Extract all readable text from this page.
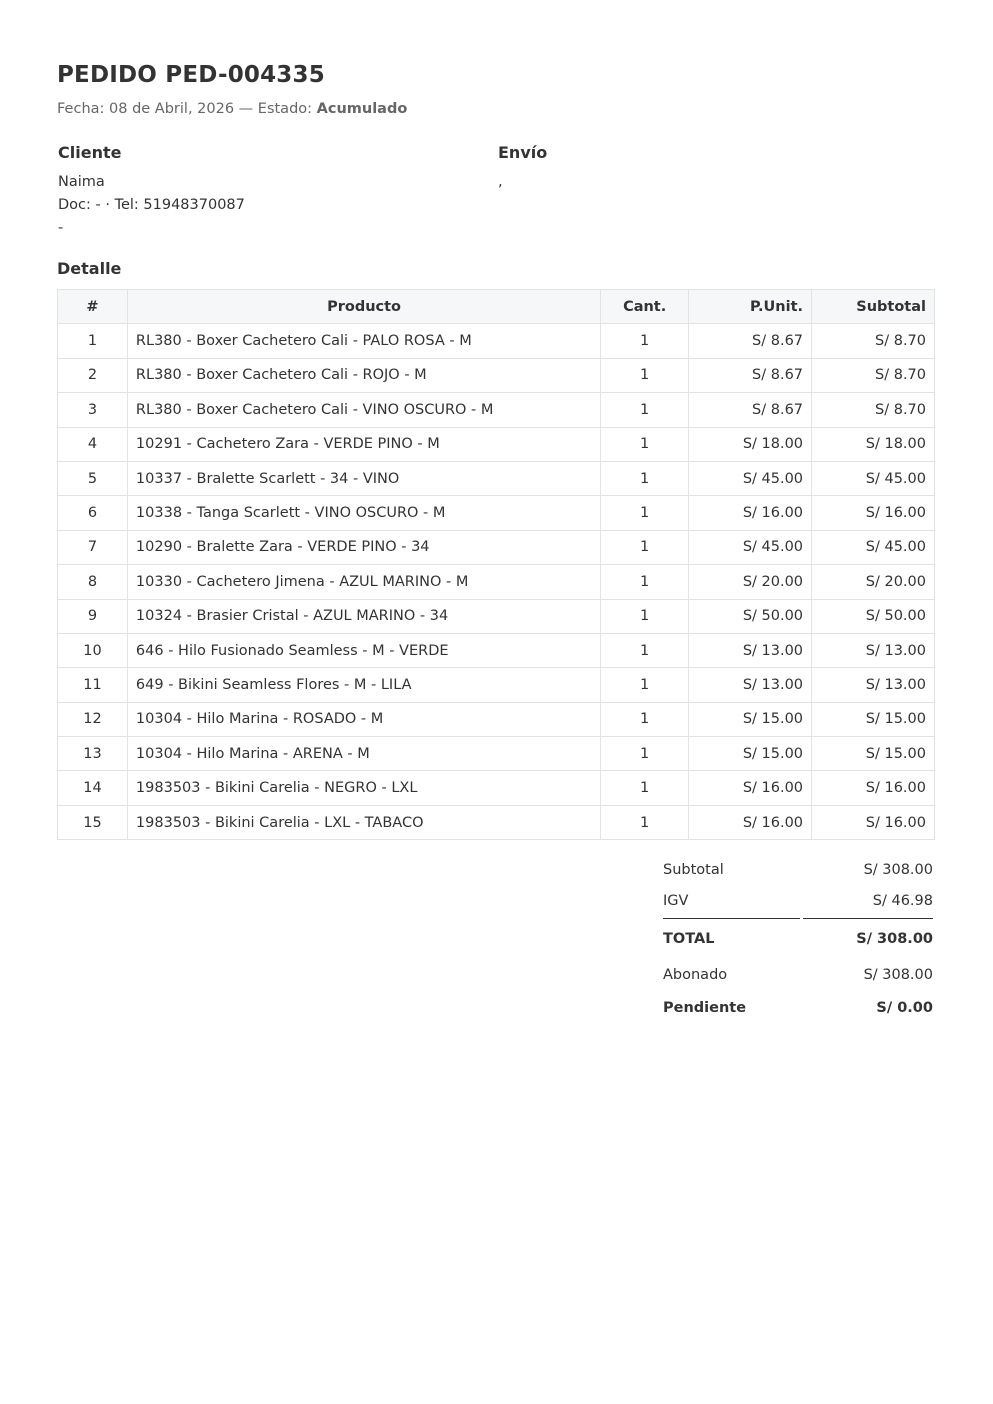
PEDIDO PED-004335
Fecha: 08 de Abril, 2026 — Estado: Acumulado
Cliente
Naima
Doc: - · Tel: 51948370087
-
Envío
,
Detalle
#	Producto	Cant.	P.Unit.	Subtotal
1	RL380 - Boxer Cachetero Cali - PALO ROSA - M	1	S/ 8.67	S/ 8.70
2	RL380 - Boxer Cachetero Cali - ROJO - M	1	S/ 8.67	S/ 8.70
3	RL380 - Boxer Cachetero Cali - VINO OSCURO - M	1	S/ 8.67	S/ 8.70
4	10291 - Cachetero Zara - VERDE PINO - M	1	S/ 18.00	S/ 18.00
5	10337 - Bralette Scarlett - 34 - VINO	1	S/ 45.00	S/ 45.00
6	10338 - Tanga Scarlett - VINO OSCURO - M	1	S/ 16.00	S/ 16.00
7	10290 - Bralette Zara - VERDE PINO - 34	1	S/ 45.00	S/ 45.00
8	10330 - Cachetero Jimena - AZUL MARINO - M	1	S/ 20.00	S/ 20.00
9	10324 - Brasier Cristal - AZUL MARINO - 34	1	S/ 50.00	S/ 50.00
10	646 - Hilo Fusionado Seamless - M - VERDE	1	S/ 13.00	S/ 13.00
11	649 - Bikini Seamless Flores - M - LILA	1	S/ 13.00	S/ 13.00
12	10304 - Hilo Marina - ROSADO - M	1	S/ 15.00	S/ 15.00
13	10304 - Hilo Marina - ARENA - M	1	S/ 15.00	S/ 15.00
14	1983503 - Bikini Carelia - NEGRO - LXL	1	S/ 16.00	S/ 16.00
15	1983503 - Bikini Carelia - LXL - TABACO	1	S/ 16.00	S/ 16.00
Subtotal	S/ 308.00
IGV	S/ 46.98
TOTAL	S/ 308.00
Abonado	S/ 308.00
Pendiente	S/ 0.00
